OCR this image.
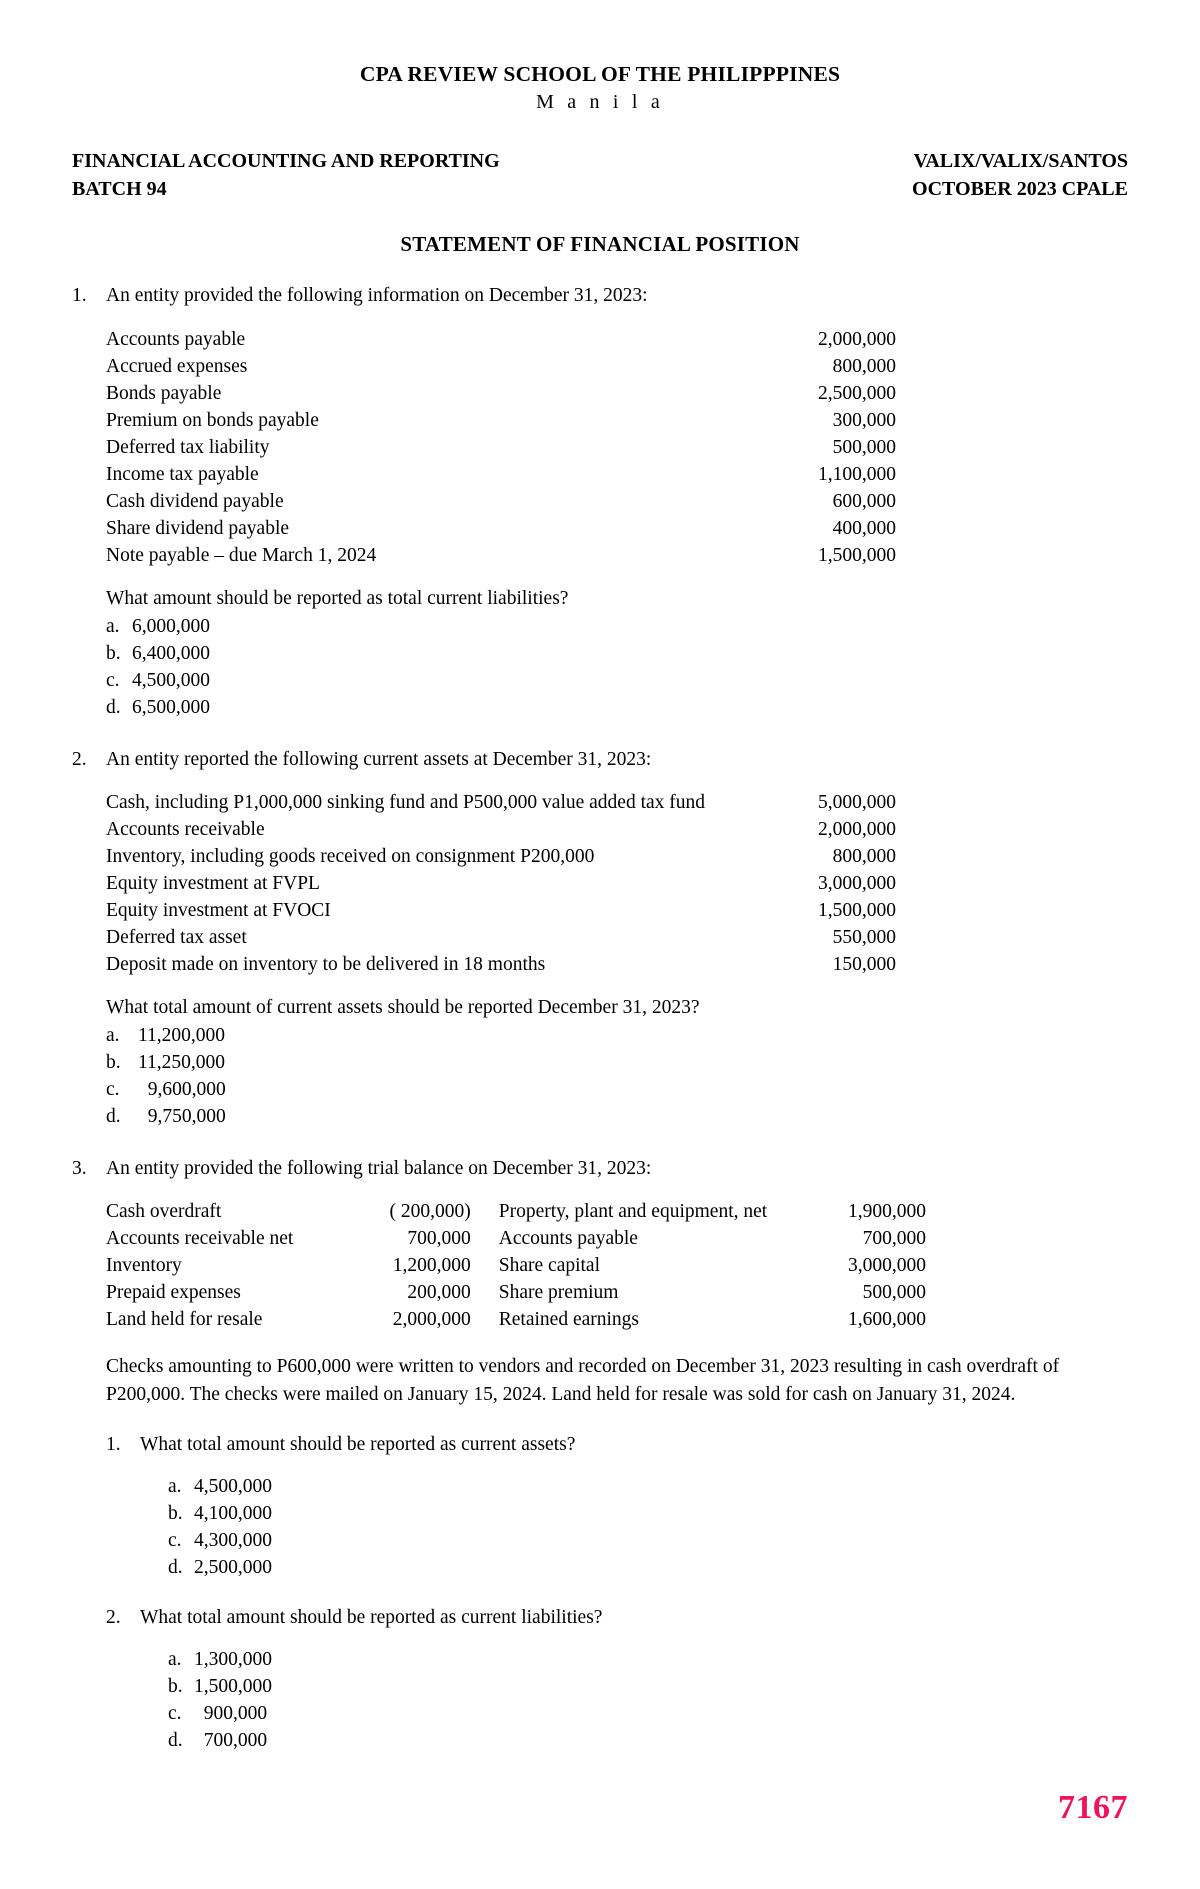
CPA REVIEW SCHOOL OF THE PHILIPPPINES
M a n i l a
FINANCIAL ACCOUNTING AND REPORTING
BATCH 94
VALIX/VALIX/SANTOS
OCTOBER 2023 CPALE
STATEMENT OF FINANCIAL POSITION
1. An entity provided the following information on December 31, 2023:
Accounts payable	2,000,000
Accrued expenses	800,000
Bonds payable	2,500,000
Premium on bonds payable	300,000
Deferred tax liability	500,000
Income tax payable	1,100,000
Cash dividend payable	600,000
Share dividend payable	400,000
Note payable – due March 1, 2024	1,500,000
What amount should be reported as total current liabilities?
a. 6,000,000
b. 6,400,000
c. 4,500,000
d. 6,500,000
2. An entity reported the following current assets at December 31, 2023:
Cash, including P1,000,000 sinking fund and P500,000 value added tax fund	5,000,000
Accounts receivable	2,000,000
Inventory, including goods received on consignment P200,000	800,000
Equity investment at FVPL	3,000,000
Equity investment at FVOCI	1,500,000
Deferred tax asset	550,000
Deposit made on inventory to be delivered in 18 months	150,000
What total amount of current assets should be reported December 31, 2023?
a. 11,200,000
b. 11,250,000
c. 9,600,000
d. 9,750,000
3. An entity provided the following trial balance on December 31, 2023:
Cash overdraft	( 200,000)	Property, plant and equipment, net	1,900,000
Accounts receivable net	700,000	Accounts payable	700,000
Inventory	1,200,000	Share capital	3,000,000
Prepaid expenses	200,000	Share premium	500,000
Land held for resale	2,000,000	Retained earnings	1,600,000
Checks amounting to P600,000 were written to vendors and recorded on December 31, 2023 resulting in cash overdraft of P200,000. The checks were mailed on January 15, 2024. Land held for resale was sold for cash on January 31, 2024.
1. What total amount should be reported as current assets?
a. 4,500,000
b. 4,100,000
c. 4,300,000
d. 2,500,000
2. What total amount should be reported as current liabilities?
a. 1,300,000
b. 1,500,000
c. 900,000
d. 700,000
7167
